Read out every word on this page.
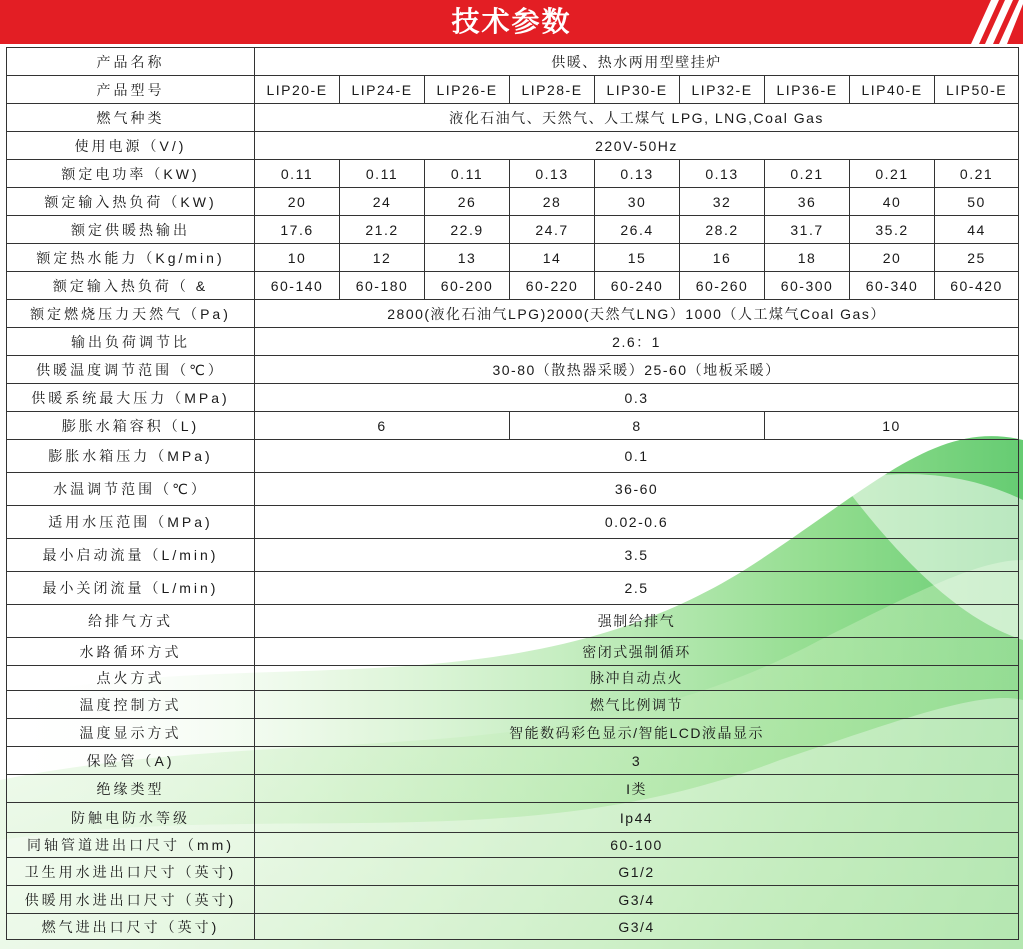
技术参数
产品名称	供暖、热水两用型壁挂炉								
产品型号	LIP20-E	LIP24-E	LIP26-E	LIP28-E	LIP30-E	LIP32-E	LIP36-E	LIP40-E	LIP50-E
燃气种类	液化石油气、天然气、人工煤气 LPG, LNG,Coal Gas								
使用电源（V/)	220V-50Hz								
额定电功率（KW)	0.11	0.11	0.11	0.13	0.13	0.13	0.21	0.21	0.21
额定输入热负荷（KW)	20	24	26	28	30	32	36	40	50
额定供暖热输出	17.6	21.2	22.9	24.7	26.4	28.2	31.7	35.2	44
额定热水能力（Kg/min)	10	12	13	14	15	16	18	20	25
额定输入热负荷（ &	60-140	60-180	60-200	60-220	60-240	60-260	60-300	60-340	60-420
额定燃烧压力天然气（Pa)	2800(液化石油气LPG)2000(天然气LNG）1000（人工煤气Coal Gas）								
输出负荷调节比	2.6：1								
供暖温度调节范围（℃）	30-80（散热器采暖）25-60（地板采暖）								
供暖系统最大压力（MPa)	0.3								
膨胀水箱容积（L)	6			8			10		
膨胀水箱压力（MPa)	0.1								
水温调节范围（℃）	36-60								
适用水压范围（MPa)	0.02-0.6								
最小启动流量（L/min)	3.5								
最小关闭流量（L/min)	2.5								
给排气方式	强制给排气								
水路循环方式	密闭式强制循环								
点火方式	脉冲自动点火								
温度控制方式	燃气比例调节								
温度显示方式	智能数码彩色显示/智能LCD液晶显示								
保险管（A)	3								
绝缘类型	I类								
防触电防水等级	Ip44								
同轴管道进出口尺寸（mm)	60-100								
卫生用水进出口尺寸（英寸)	G1/2								
供暖用水进出口尺寸（英寸)	G3/4								
燃气进出口尺寸（英寸)	G3/4								
